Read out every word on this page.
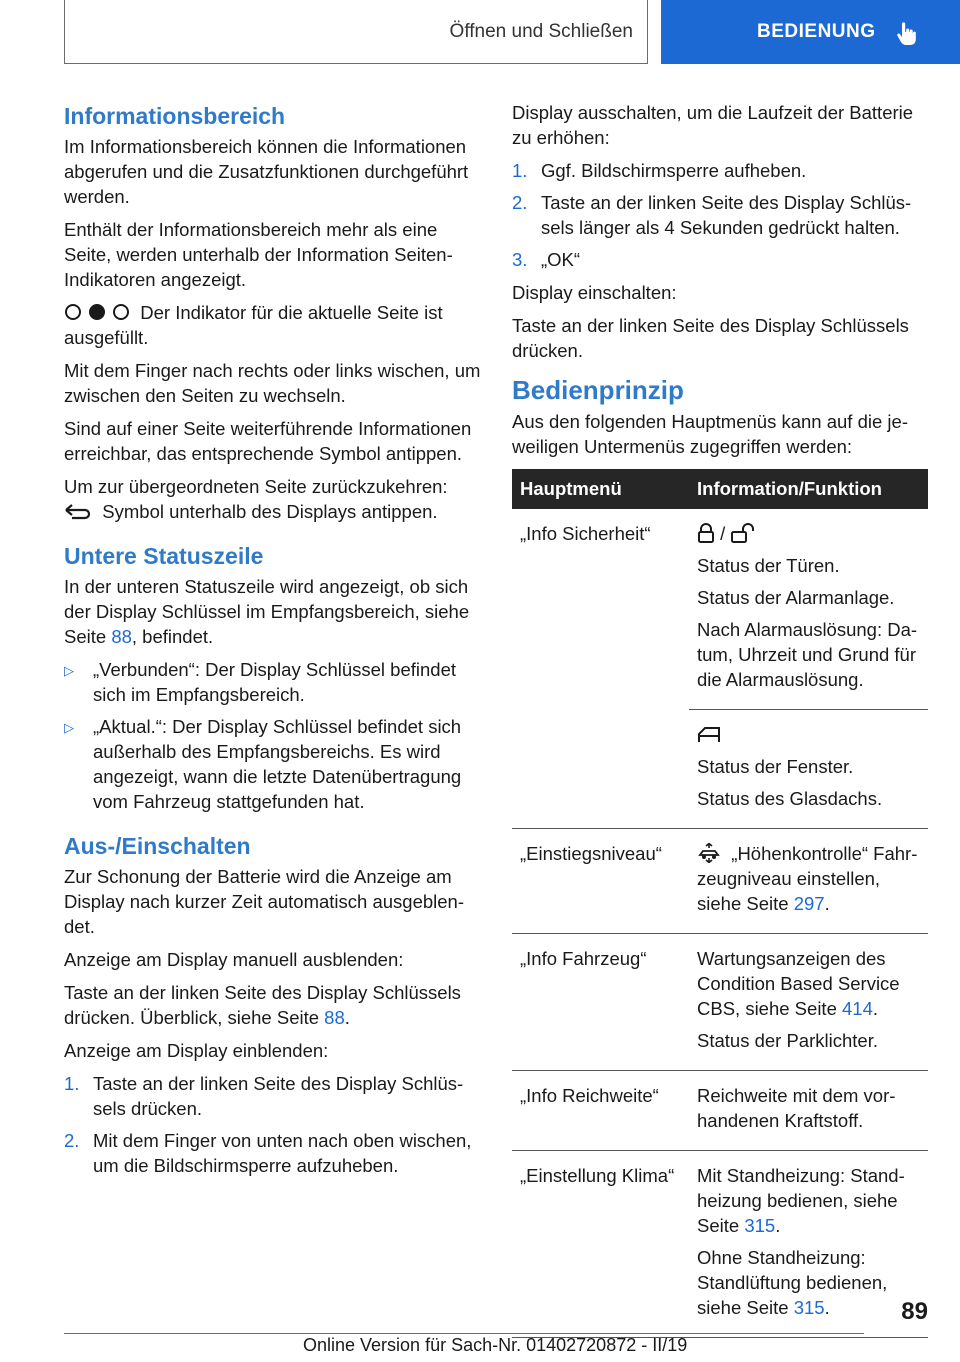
Öffnen und Schließen	BEDIENUNG
Informationsbereich

Im Informationsbereich können die Informationen abgerufen und die Zusatzfunktionen durchgeführt werden.

Enthält der Informationsbereich mehr als eine Seite, werden unterhalb der Information SeitenIndikatoren angezeigt.

Der Indikator für die aktuelle Seite ist ausgefüllt.

Mit dem Finger nach rechts oder links wischen, um zwischen den Seiten zu wechseln.

Sind auf einer Seite weiterführende Informationen erreichbar, das entsprechende Symbol antippen.

Um zur übergeordneten Seite zurückzukehren:
Symbol unterhalb des Displays antippen.

Untere Statuszeile

In der unteren Statuszeile wird angezeigt, ob sich der Display Schlüssel im Empfangsbereich, siehe Seite 88, befindet.

▷	„Verbunden“: Der Display Schlüssel befindet sich im Empfangsbereich.
▷	„Aktual.“: Der Display Schlüssel befindet sich außerhalb des Empfangsbereichs. Es wird angezeigt, wann die letzte Datenübertragung vom Fahrzeug stattgefunden hat.
Aus-/Einschalten

Zur Schonung der Batterie wird die Anzeige am Display nach kurzer Zeit automatisch ausgeblendet.

Anzeige am Display manuell ausblenden:

Taste an der linken Seite des Display Schlüssels drücken. Überblick, siehe Seite 88.

Anzeige am Display einblenden:

1. Taste an der linken Seite des Display Schlüssels drücken.
2. Mit dem Finger von unten nach oben wischen, um die Bildschirmsperre aufzuheben.

Display ausschalten, um die Laufzeit der Batterie zu erhöhen:

1. Ggf. Bildschirmsperre aufheben.
2. Taste an der linken Seite des Display Schlüssels länger als 4 Sekunden gedrückt halten.
3. „OK“

Display einschalten:

Taste an der linken Seite des Display Schlüssels drücken.

Bedienprinzip

Aus den folgenden Hauptmenüs kann auf die jeweiligen Untermenüs zugegriffen werden:

Hauptmenü	Information/Funktion
„Info Sicherheit“	/

Status der Türen.

Status der Alarmanlage.

Nach Alarmauslösung: Datum, Uhrzeit und Grund für die Alarmauslösung.

	Status der Fenster.

Status des Glasdachs.

„Einstiegsniveau“	„Höhenkontrolle“ Fahrzeugniveau einstellen, siehe Seite 297.

„Info Fahrzeug“	Wartungsanzeigen des Condition Based Service CBS, siehe Seite 414.

Status der Parklichter.

„Info Reichweite“	Reichweite mit dem vorhandenen Kraftstoff.

„Einstellung Klima“	Mit Standheizung: Standheizung bedienen, siehe Seite 315.

Ohne Standheizung: Standlüftung bedienen, siehe Seite 315.	89
Online Version für Sach-Nr. 01402720872 - II/19
